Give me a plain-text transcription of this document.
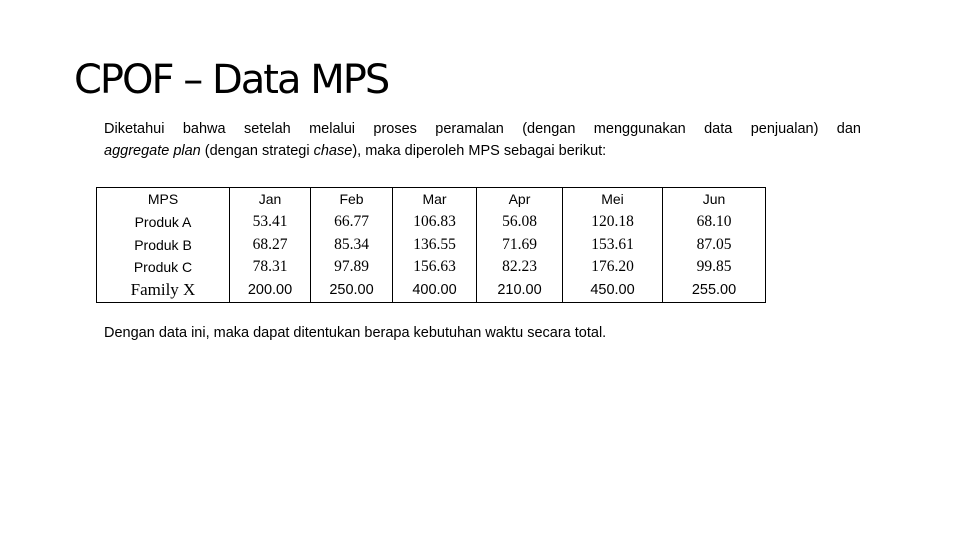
CPOF – Data MPS
Diketahui bahwa setelah melalui proses peramalan (dengan menggunakan data penjualan) dan
aggregate plan (dengan strategi chase), maka diperoleh MPS sebagai berikut:
MPS	Jan	Feb	Mar	Apr	Mei	Jun
Produk A	53.41	66.77	106.83	56.08	120.18	68.10
Produk B	68.27	85.34	136.55	71.69	153.61	87.05
Produk C	78.31	97.89	156.63	82.23	176.20	99.85
Family X	200.00	250.00	400.00	210.00	450.00	255.00
Dengan data ini, maka dapat ditentukan berapa kebutuhan waktu secara total.
